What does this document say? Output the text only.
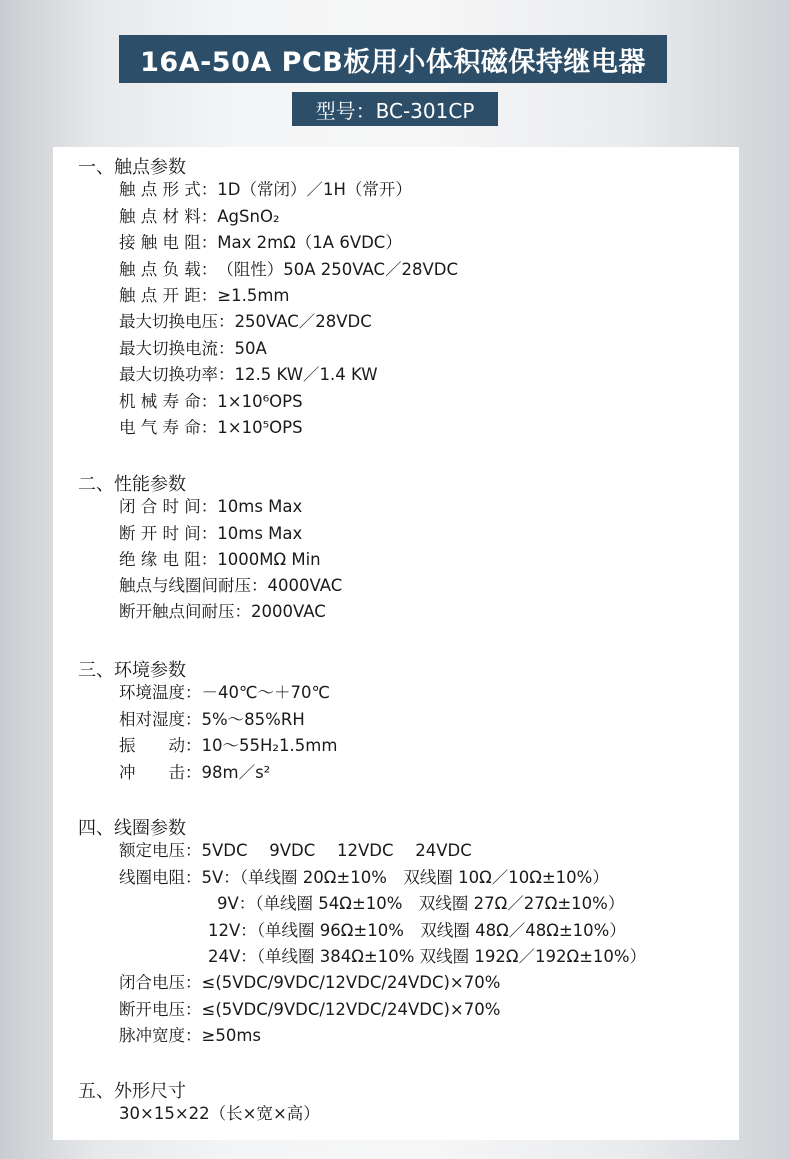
16A-50A PCB板用小体积磁保持继电器
型号：BC-301CP
一、触点参数
触 点 形 式：1D（常闭）／1H（常开）
触 点 材 料：AgSnO₂
接 触 电 阻：Max 2mΩ（1A 6VDC）
触 点 负 载：（阻性）50A 250VAC／28VDC
触 点 开 距：≥1.5mm
最大切换电压：250VAC／28VDC
最大切换电流：50A
最大切换功率：12.5 KW／1.4 KW
机 械 寿 命：1×10⁶OPS
电 气 寿 命：1×10⁵OPS
二、性能参数
闭 合 时 间：10ms Max
断 开 时 间：10ms Max
绝 缘 电 阻：1000MΩ Min
触点与线圈间耐压：4000VAC
断开触点间耐压：2000VAC
三、环境参数
环境温度：－40℃～＋70℃
相对湿度：5%～85%RH
振　　动：10～55H₂1.5mm
冲　　击：98m／s²
四、线圈参数
额定电压：5VDC　 9VDC　 12VDC　 24VDC
线圈电阻：5V：（单线圈 20Ω±10%　双线圈 10Ω／10Ω±10%）
9V：（单线圈 54Ω±10%　双线圈 27Ω／27Ω±10%）
12V：（单线圈 96Ω±10%　双线圈 48Ω／48Ω±10%）
24V：（单线圈 384Ω±10% 双线圈 192Ω／192Ω±10%）
闭合电压：≤(5VDC/9VDC/12VDC/24VDC)×70%
断开电压：≤(5VDC/9VDC/12VDC/24VDC)×70%
脉冲宽度：≥50ms
五、外形尺寸
30×15×22（长×宽×高）
